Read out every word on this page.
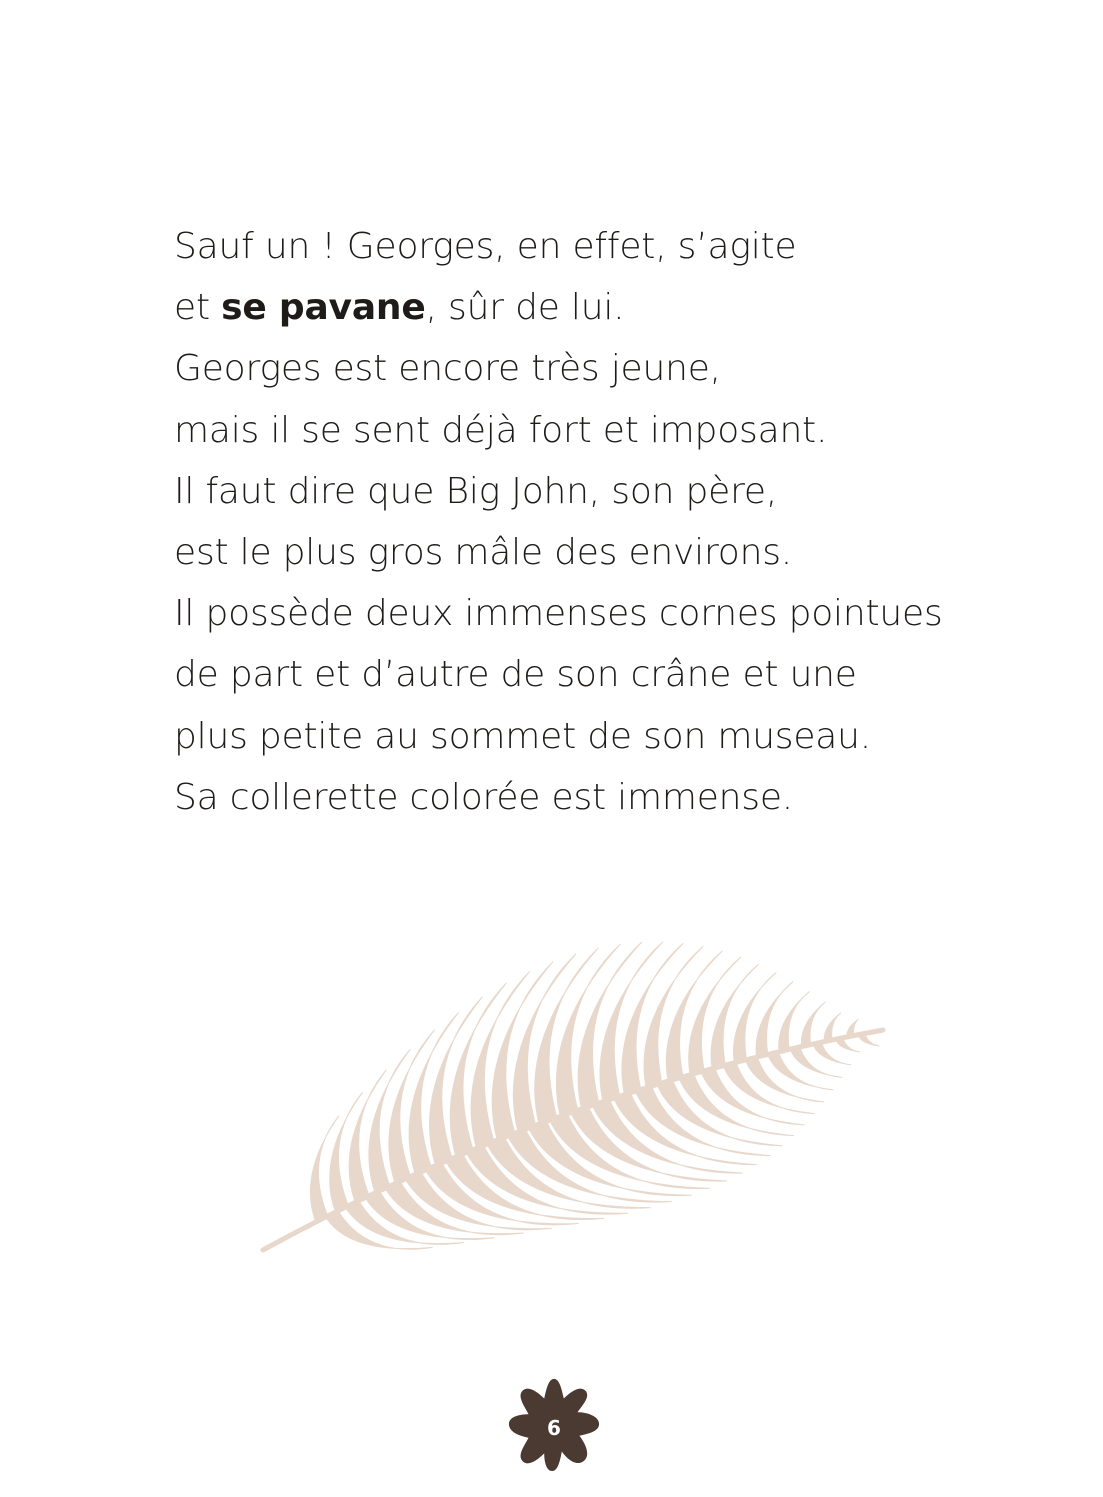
Sauf un ! Georges, en effet, s’agite
et se pavane, sûr de lui.
Georges est encore très jeune,
mais il se sent déjà fort et imposant.
Il faut dire que Big John, son père,
est le plus gros mâle des environs.
Il possède deux immenses cornes pointues
de part et d’autre de son crâne et une
plus petite au sommet de son museau.
Sa collerette colorée est immense.
6
